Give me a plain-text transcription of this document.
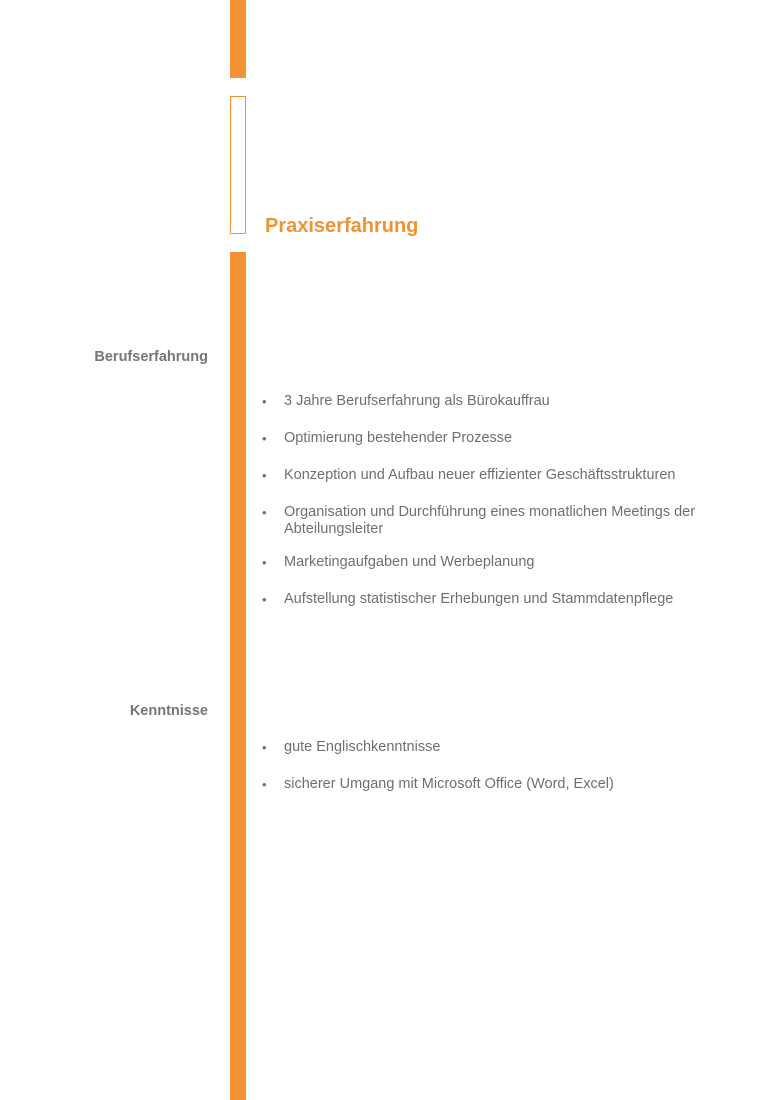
Praxiserfahrung
Berufserfahrung
•	3 Jahre Berufserfahrung als Bürokauffrau
•	Optimierung bestehender Prozesse
•	Konzeption und Aufbau neuer effizienter Geschäftsstrukturen
•	Organisation und Durchführung eines monatlichen Meetings der Abteilungsleiter
•	Marketingaufgaben und Werbeplanung
•	Aufstellung statistischer Erhebungen und Stammdatenpflege
Kenntnisse
•	gute Englischkenntnisse
•	sicherer Umgang mit Microsoft Office (Word, Excel)
